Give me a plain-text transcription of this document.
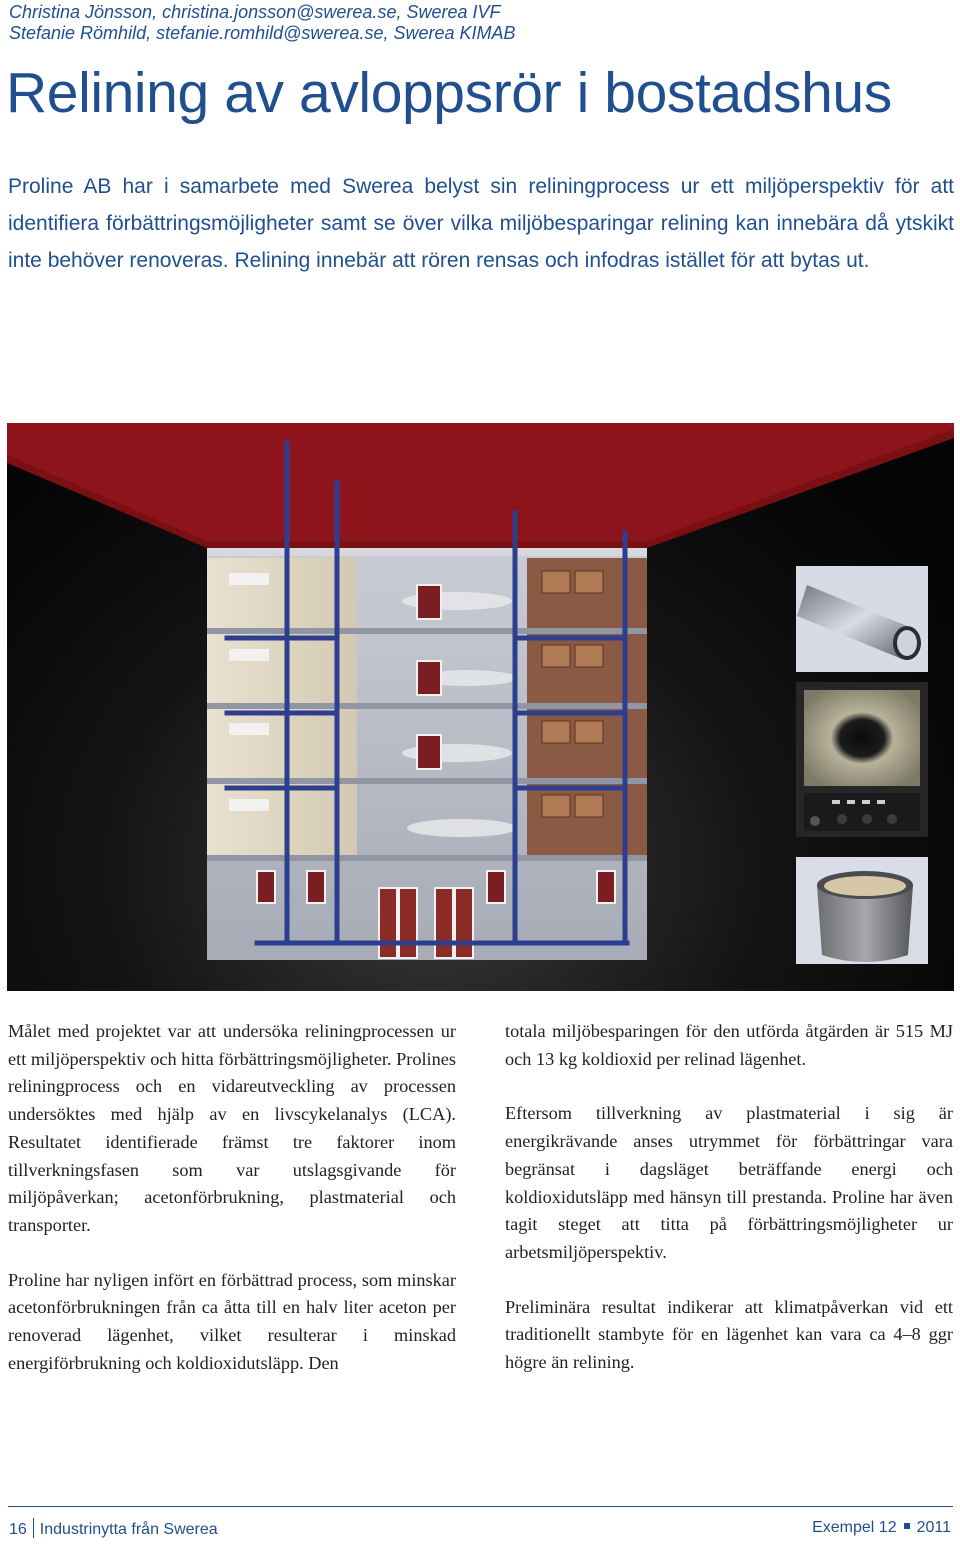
Christina Jönsson, christina.jonsson@swerea.se, Swerea IVF
Stefanie Römhild, stefanie.romhild@swerea.se, Swerea KIMAB
Relining av avloppsrör i bostadshus

Proline AB har i samarbete med Swerea belyst sin reliningprocess ur ett miljöperspektiv för att identifiera förbättringsmöjligheter samt se över vilka miljöbesparingar relining kan innebära då ytskikt inte behöver renoveras. Relining innebär att rören rensas och infodras istället för att bytas ut.

Målet med projektet var att undersöka reliningprocessen ur ett miljöperspektiv och hitta förbättringsmöjligheter. Prolines reliningprocess och en vidareutveckling av processen undersöktes med hjälp av en livscykelanalys (LCA). Resultatet identifierade främst tre faktorer inom tillverkningsfasen som var utslagsgivande för miljöpåverkan; acetonförbrukning, plastmaterial och transporter.

Proline har nyligen infört en förbättrad process, som minskar acetonförbrukningen från ca åtta till en halv liter aceton per renoverad lägenhet, vilket resulterar i minskad energiförbrukning och koldioxidutsläpp. Den

totala miljöbesparingen för den utförda åtgärden är 515 MJ och 13 kg koldioxid per relinad lägenhet.

Eftersom tillverkning av plastmaterial i sig är energikrävande anses utrymmet för förbättringar vara begränsat i dagsläget beträffande energi och koldioxidutsläpp med hänsyn till prestanda. Proline har även tagit steget att titta på förbättringsmöjligheter ur arbetsmiljöperspektiv.

Preliminära resultat indikerar att klimatpåverkan vid ett traditionellt stambyte för en lägenhet kan vara ca 4–8 ggr högre än relining.

16 Industrinytta från Swerea	Exempel 12 2011
